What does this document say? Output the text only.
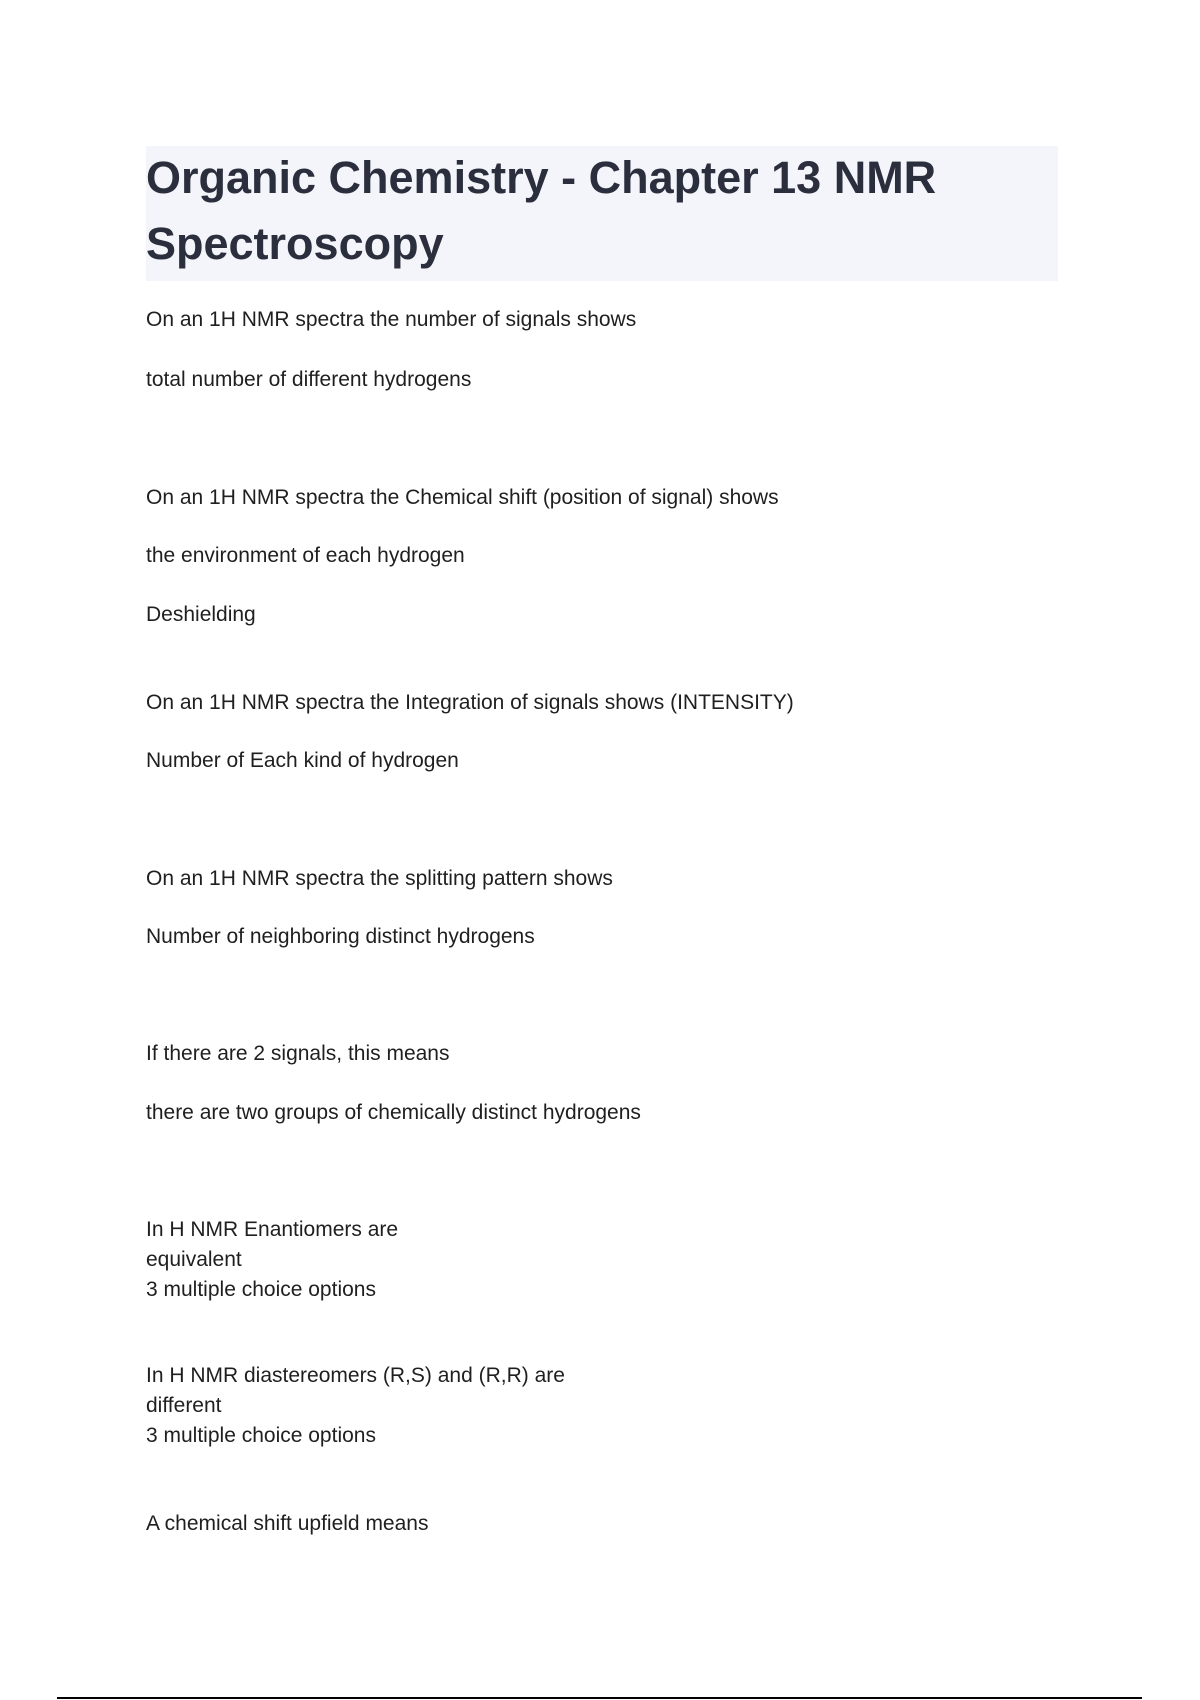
Organic Chemistry - Chapter 13 NMR Spectroscopy

On an 1H NMR spectra the number of signals shows

total number of different hydrogens

On an 1H NMR spectra the Chemical shift (position of signal) shows

the environment of each hydrogen

Deshielding

On an 1H NMR spectra the Integration of signals shows (INTENSITY)

Number of Each kind of hydrogen

On an 1H NMR spectra the splitting pattern shows

Number of neighboring distinct hydrogens

If there are 2 signals, this means

there are two groups of chemically distinct hydrogens

In H NMR Enantiomers are

equivalent

3 multiple choice options

In H NMR diastereomers (R,S) and (R,R) are

different

3 multiple choice options

A chemical shift upfield means
